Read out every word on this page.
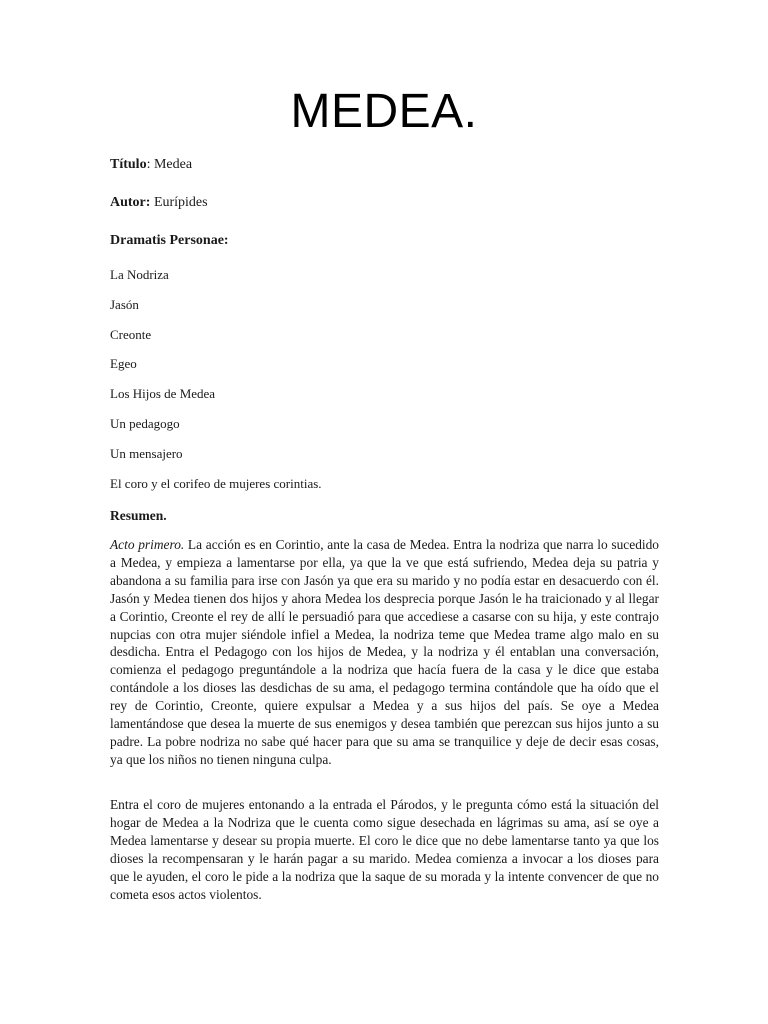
MEDEA.

Título: Medea

Autor: Eurípides

Dramatis Personae:

La Nodriza
Jasón
Creonte
Egeo
Los Hijos de Medea
Un pedagogo
Un mensajero
El coro y el corifeo de mujeres corintias.

Resumen.

Acto primero. La acción es en Corintio, ante la casa de Medea. Entra la nodriza que narra lo sucedido a Medea, y empieza a lamentarse por ella, ya que la ve que está sufriendo, Medea deja su patria y abandona a su familia para irse con Jasón ya que era su marido y no podía estar en desacuerdo con él. Jasón y Medea tienen dos hijos y ahora Medea los desprecia porque Jasón le ha traicionado y al llegar a Corintio, Creonte el rey de allí le persuadió para que accediese a casarse con su hija, y este contrajo nupcias con otra mujer siéndole infiel a Medea, la nodriza teme que Medea trame algo malo en su desdicha. Entra el Pedagogo con los hijos de Medea, y la nodriza y él entablan una conversación, comienza el pedagogo preguntándole a la nodriza que hacía fuera de la casa y le dice que estaba contándole a los dioses las desdichas de su ama, el pedagogo termina contándole que ha oído que el rey de Corintio, Creonte, quiere expulsar a Medea y a sus hijos del país. Se oye a Medea lamentándose que desea la muerte de sus enemigos y desea también que perezcan sus hijos junto a su padre. La pobre nodriza no sabe qué hacer para que su ama se tranquilice y deje de decir esas cosas, ya que los niños no tienen ninguna culpa.

Entra el coro de mujeres entonando a la entrada el Párodos, y le pregunta cómo está la situación del hogar de Medea a la Nodriza que le cuenta como sigue desechada en lágrimas su ama, así se oye a Medea lamentarse y desear su propia muerte. El coro le dice que no debe lamentarse tanto ya que los dioses la recompensaran y le harán pagar a su marido. Medea comienza a invocar a los dioses para que le ayuden, el coro le pide a la nodriza que la saque de su morada y la intente convencer de que no cometa esos actos violentos.
